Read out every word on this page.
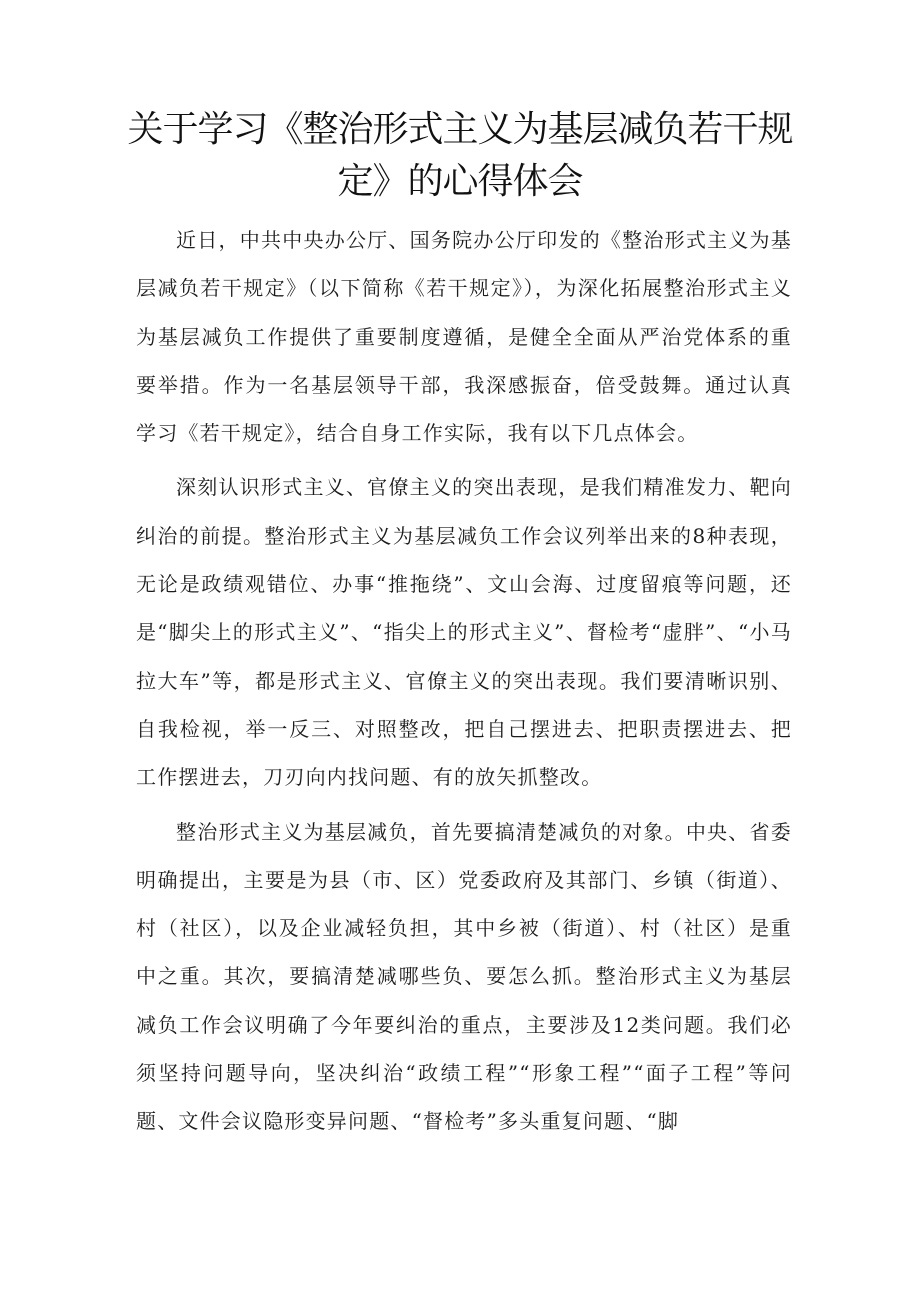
关于学习《整治形式主义为基层减负若干规定》的心得体会

近日，中共中央办公厅、国务院办公厅印发的《整治形式主义为基层减负若干规定》（以下简称《若干规定》），为深化拓展整治形式主义为基层减负工作提供了重要制度遵循，是健全全面从严治党体系的重要举措。作为一名基层领导干部，我深感振奋，倍受鼓舞。通过认真学习《若干规定》，结合自身工作实际，我有以下几点体会。

深刻认识形式主义、官僚主义的突出表现，是我们精准发力、靶向纠治的前提。整治形式主义为基层减负工作会议列举出来的8种表现，无论是政绩观错位、办事“推拖绕”、文山会海、过度留痕等问题，还是“脚尖上的形式主义”、“指尖上的形式主义”、督检考“虚胖”、“小马拉大车”等，都是形式主义、官僚主义的突出表现。我们要清晰识别、自我检视，举一反三、对照整改，把自己摆进去、把职责摆进去、把工作摆进去，刀刃向内找问题、有的放矢抓整改。

整治形式主义为基层减负，首先要搞清楚减负的对象。中央、省委明确提出，主要是为县（市、区）党委政府及其部门、乡镇（街道）、村（社区），以及企业减轻负担，其中乡被（街道）、村（社区）是重中之重。其次，要搞清楚减哪些负、要怎么抓。整治形式主义为基层减负工作会议明确了今年要纠治的重点，主要涉及12类问题。我们必须坚持问题导向，坚决纠治“政绩工程”“形象工程”“面子工程”等问题、文件会议隐形变异问题、“督检考”多头重复问题、“脚
